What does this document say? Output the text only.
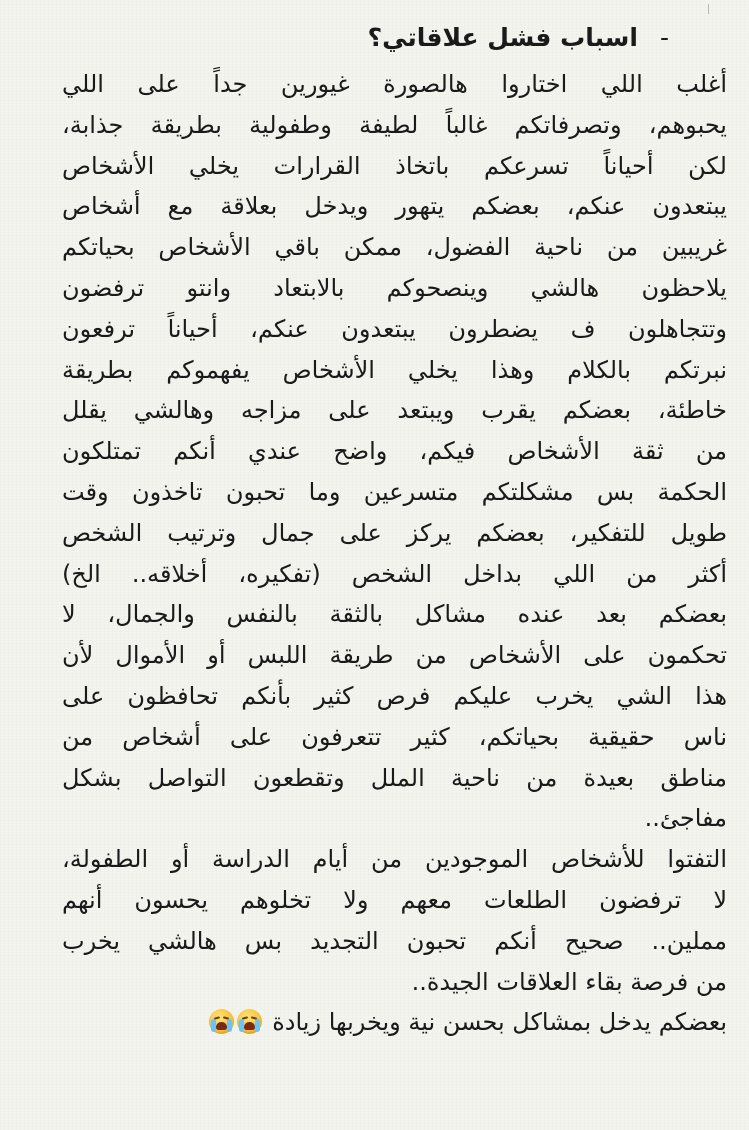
-اسباب فشل علاقاتي؟
أغلب اللي اختاروا هالصورة غيورين جداً على اللي
يحبوهم، وتصرفاتكم غالباً لطيفة وطفولية بطريقة جذابة،
لكن أحياناً تسرعكم باتخاذ القرارات يخلي الأشخاص
يبتعدون عنكم، بعضكم يتهور ويدخل بعلاقة مع أشخاص
غريبين من ناحية الفضول، ممكن باقي الأشخاص بحياتكم
يلاحظون هالشي وينصحوكم بالابتعاد وانتو ترفضون
وتتجاهلون ف يضطرون يبتعدون عنكم، أحياناً ترفعون
نبرتكم بالكلام وهذا يخلي الأشخاص يفهموكم بطريقة
خاطئة، بعضكم يقرب ويبتعد على مزاجه وهالشي يقلل
من ثقة الأشخاص فيكم، واضح عندي أنكم تمتلكون
الحكمة بس مشكلتكم متسرعين وما تحبون تاخذون وقت
طويل للتفكير، بعضكم يركز على جمال وترتيب الشخص
أكثر من اللي بداخل الشخص (تفكيره، أخلاقه.. الخ)
بعضكم بعد عنده مشاكل بالثقة بالنفس والجمال، لا
تحكمون على الأشخاص من طريقة اللبس أو الأموال لأن
هذا الشي يخرب عليكم فرص كثير بأنكم تحافظون على
ناس حقيقية بحياتكم، كثير تتعرفون على أشخاص من
مناطق بعيدة من ناحية الملل وتقطعون التواصل بشكل
مفاجئ..
التفتوا للأشخاص الموجودين من أيام الدراسة أو الطفولة،
لا ترفضون الطلعات معهم ولا تخلوهم يحسون أنهم
مملين.. صحيح أنكم تحبون التجديد بس هالشي يخرب
من فرصة بقاء العلاقات الجيدة..
بعضكم يدخل بمشاكل بحسن نية ويخربها زيادة
